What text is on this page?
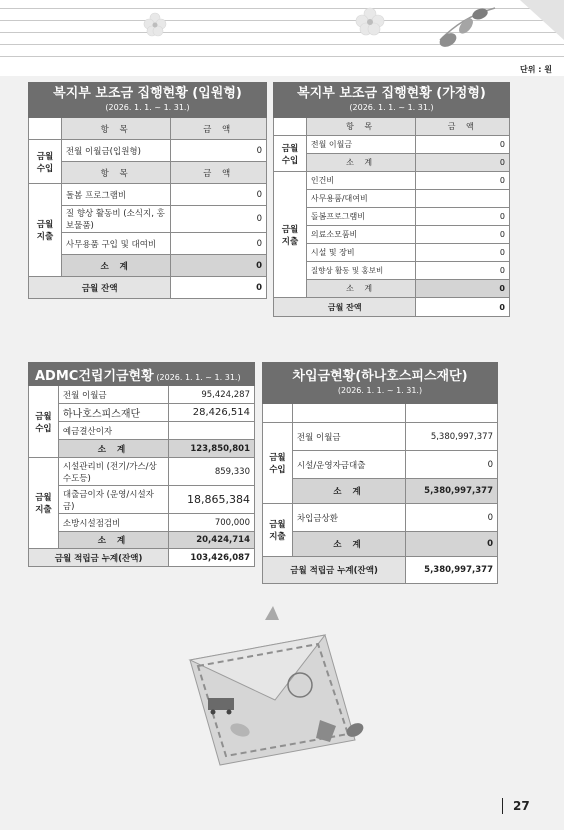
단위 : 원
복지부 보조금 집행현황 (입원형)
(2026. 1. 1. ~ 1. 31.)		

	항 목	금 액
금월 수입	전월 이월금(입원형)	0
	항 목	금 액
금월 지출	돌봄 프로그램비	0
	질 향상 활동비 (소식지, 홍보물품)	0
	사무용품 구입 및 대여비	0
	소 계	0
금월 잔액		0
복지부 보조금 집행현황 (가정형)
(2026. 1. 1. ~ 1. 31.)		

	항 목	금 액
금월 수입	전월 이월금	0
	소 계	0
금월 지출	인건비	0
	사무용품/대여비	
	돌봄프로그램비	0
	의료소모품비	0
	시설 및 장비	0
	질향상 활동 및 홍보비	0
	소 계	0
금월 잔액		0
ADMC건립기금현황 (2026. 1. 1. ~ 1. 31.)		
금월 수입	전월 이월금	95,424,287
	하나호스피스재단	28,426,514
	예금결산이자	
	소 계	123,850,801
금월 지출	시설관리비 (전기/가스/상수도등)	859,330
	대출금이자 (운영/시설자금)	18,865,384
	소방시설점검비	700,000
	소 계	20,424,714
금월 적립금 누계(잔액)		103,426,087
차입금현황(하나호스피스재단)
(2026. 1. 1. ~ 1. 31.)		

금월 수입	전월 이월금	5,380,997,377
	시설/운영자금대출	0
	소 계	5,380,997,377
금월 지출	차입금상환	0
	소 계	0
금월 적립금 누계(잔액)		5,380,997,377
27
